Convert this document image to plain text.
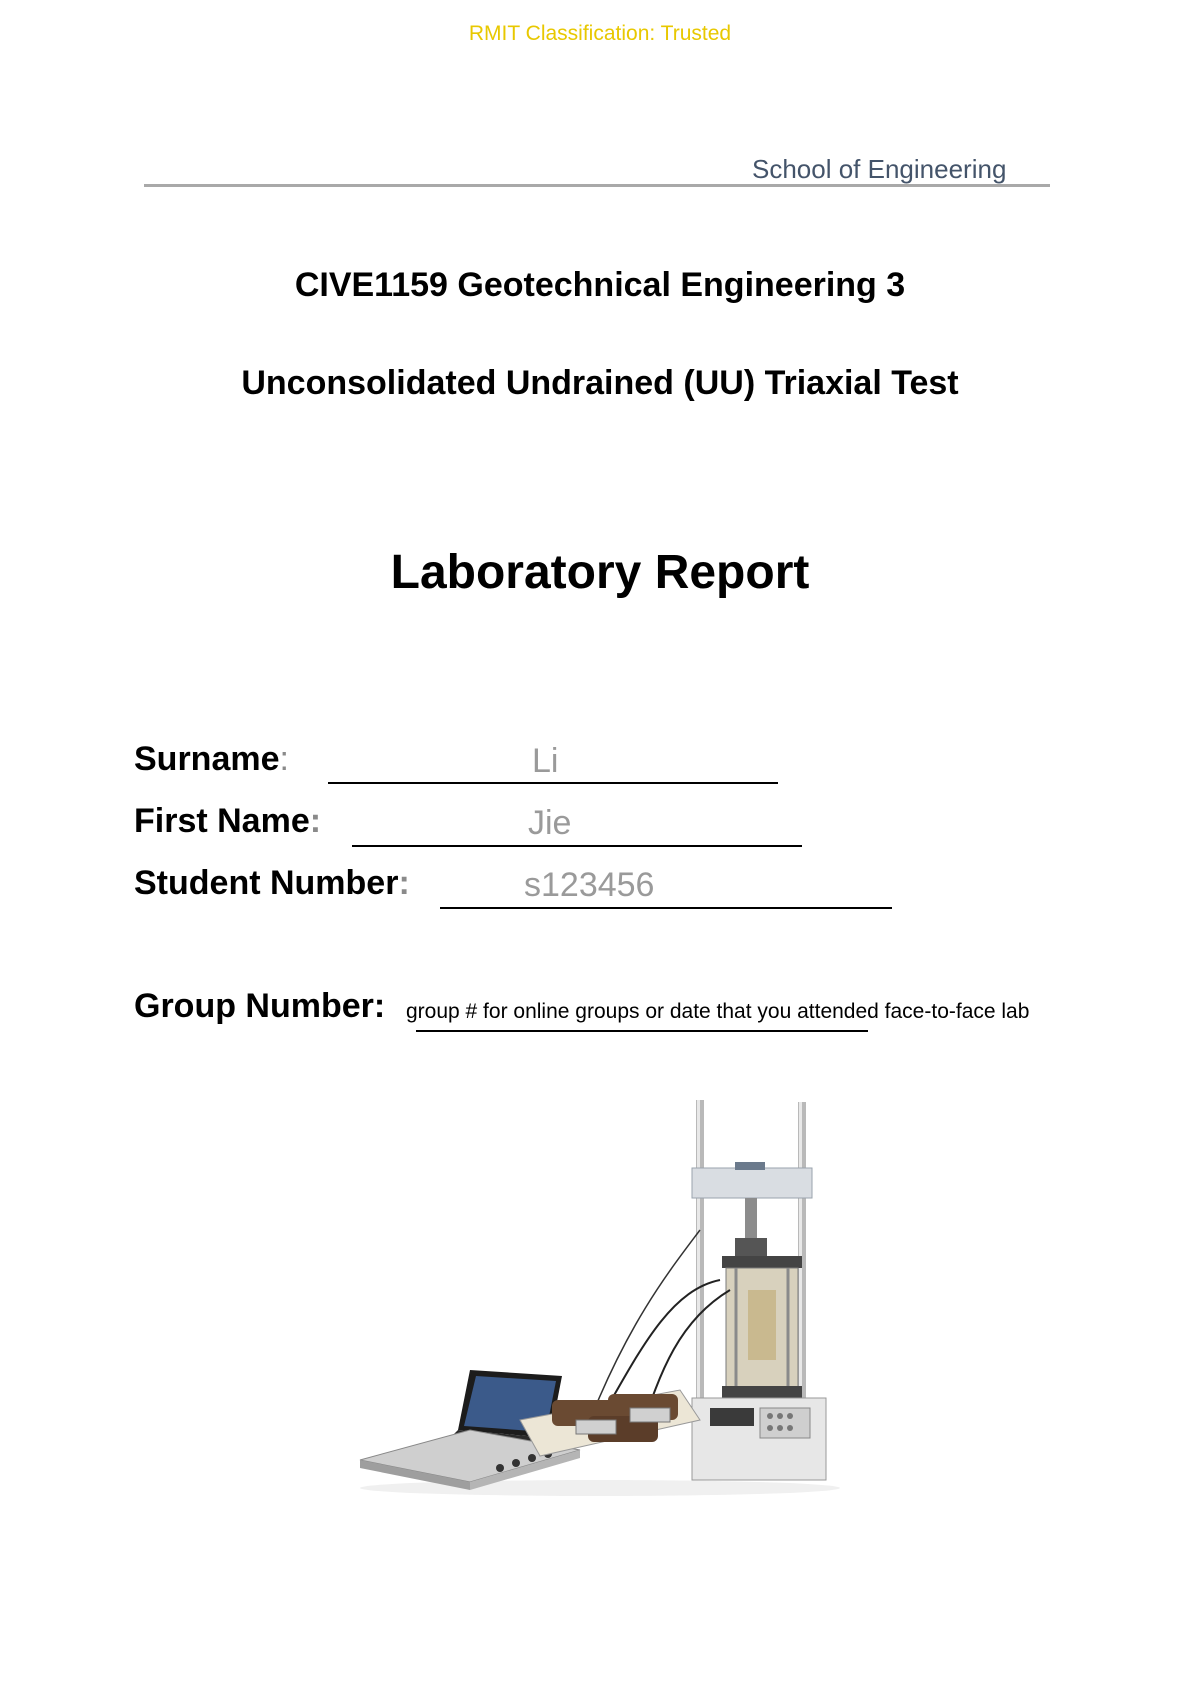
RMIT Classification: Trusted
School of Engineering
CIVE1159 Geotechnical Engineering 3
Unconsolidated Undrained (UU) Triaxial Test
Laboratory Report
Surname:	Li
First Name:	Jie
Student Number:	s123456
Group Number: group # for online groups or date that you attended face-to-face lab
